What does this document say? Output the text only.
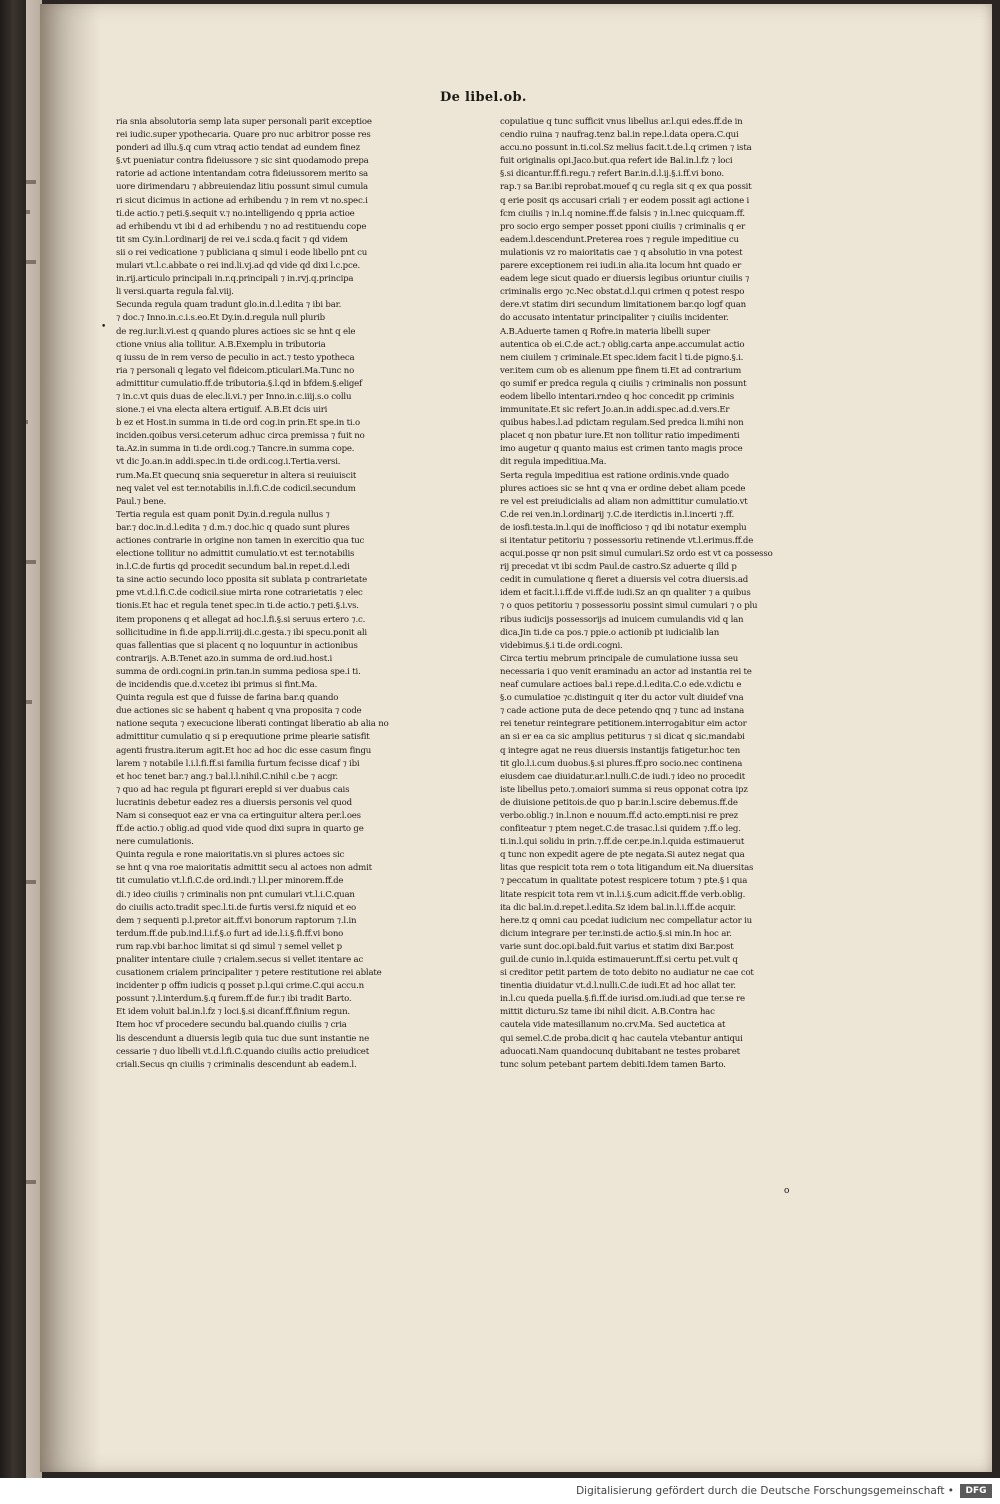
De libel.ob.
•
ria snia absolutoria semp lata super personali parit exceptioe
rei iudic.super ypothecaria. Quare pro nuc arbitror posse res
ponderi ad illu.§.q cum vtraq actio tendat ad eundem finez
§.vt pueniatur contra fideiussore ⁊ sic sint quodamodo prepa
ratorie ad actione intentandam cotra fideiussorem merito sa
uore dirimendaru ⁊ abbreuiendaz litiu possunt simul cumula
ri sicut dicimus in actione ad erhibendu ⁊ in rem vt no.spec.i
ti.de actio.⁊ peti.§.sequit v.⁊ no.intelligendo q ppria actioe
ad erhibendu vt ibi d ad erhibendu ⁊ no ad restituendu cope
tit sm Cy.in.l.ordinarij de rei ve.i scda.q facit ⁊ qd videm
sii o rei vedicatione ⁊ publiciana q simul i eode libello pnt cu
mulari vt.l.c.abbate o rei ind.li.vj.ad qd vide qd dixi l.c.pce.
in.rij.articulo principali in.r.q.principali ⁊ in.rvj.q.principa
li versi.quarta regula fal.viij.
Secunda regula quam tradunt glo.in.d.l.edita ⁊ ibi bar.
⁊ doc.⁊ Inno.in.c.i.s.eo.Et Dy.in.d.regula null plurib
de reg.iur.li.vi.est q quando plures actioes sic se hnt q ele
ctione vnius alia tollitur. A.B.Exemplu in tributoria
q iussu de in rem verso de peculio in act.⁊ testo ypotheca
ria ⁊ personali q legato vel fideicom.pticulari.Ma.Tunc no
admittitur cumulatio.ff.de tributoria.§.l.qd in bfdem.§.eligef
⁊ in.c.vt quis duas de elec.li.vi.⁊ per Inno.in.c.iiij.s.o collu
sione.⁊ ei vna electa altera ertiguif. A.B.Et dcis uiri
b ez et Host.in summa in ti.de ord cog.in prin.Et spe.in ti.o
inciden.qoibus versi.ceterum adhuc circa premissa ⁊ fuit no
ta.Az.in summa in ti.de ordi.cog.⁊ Tancre.in summa cope.
vt dic Jo.an.in addi.spec.in ti.de ordi.cog.i.Tertia.versi.
rum.Ma.Et quecunq snia sequeretur in altera si reuiuiscit
neq valet vel est ter.notabilis in.l.fi.C.de codicil.secundum
Paul.⁊ bene.
Tertia regula est quam ponit Dy.in.d.regula nullus ⁊
bar.⁊ doc.in.d.l.edita ⁊ d.m.⁊ doc.hic q quado sunt plures
actiones contrarie in origine non tamen in exercitio qua tuc
electione tollitur no admittit cumulatio.vt est ter.notabilis
in.l.C.de furtis qd procedit secundum bal.in repet.d.l.edi
ta sine actio secundo loco pposita sit sublata p contrarietate
pme vt.d.l.fi.C.de codicil.siue mirta rone cotrarietatis ⁊ elec
tionis.Et hac et regula tenet spec.in ti.de actio.⁊ peti.§.i.vs.
item proponens q et allegat ad hoc.l.fi.§.si seruus ertero ⁊.c.
sollicitudine in fi.de app.li.rriij.di.c.gesta.⁊ ibi specu.ponit ali
quas fallentias que si placent q no loquuntur in actionibus
contrarijs. A.B.Tenet azo.in summa de ord.iud.host.i
summa de ordi.cogni.in prin.tan.in summa pediosa spe.i ti.
de incidendis que.d.v.cetez ibi primus si fint.Ma.
Quinta regula est que d fuisse de farina bar.q quando
due actiones sic se habent q habent q vna proposita ⁊ code
natione sequta ⁊ execucione liberati contingat liberatio ab alia no
admittitur cumulatio q si p erequutione prime plearie satisfit
agenti frustra.iterum agit.Et hoc ad hoc dic esse casum fingu
larem ⁊ notabile l.i.l.fi.ff.si familia furtum fecisse dicaf ⁊ ibi
et hoc tenet bar.⁊ ang.⁊ bal.l.l.nihil.C.nihil c.be ⁊ acgr.
⁊ quo ad hac regula pt figurari erepld si ver duabus cais
lucratinis debetur eadez res a diuersis personis vel quod
Nam si consequot eaz er vna ca ertinguitur altera per.l.oes
ff.de actio.⁊ oblig.ad quod vide quod dixi supra in quarto ge
nere cumulationis.
Quinta regula e rone maioritatis.vn si plures actoes sic
se hnt q vna roe maioritatis admittit secu al actoes non admit
tit cumulatio vt.l.fi.C.de ord.indi.⁊ l.l.per minorem.ff.de
di.⁊ ideo ciuilis ⁊ criminalis non pnt cumulari vt.l.i.C.quan
do ciuilis acto.tradit spec.l.ti.de furtis versi.fz niquid et eo
dem ⁊ sequenti p.l.pretor ait.ff.vi bonorum raptorum ⁊.l.in
terdum.ff.de pub.ind.l.i.f.§.o furt ad ide.l.i.§.fi.ff.vi bono
rum rap.vbi bar.hoc limitat si qd simul ⁊ semel vellet p
pnaliter intentare ciuile ⁊ crialem.secus si vellet itentare ac
cusationem crialem principaliter ⁊ petere restitutione rei ablate
incidenter p offm iudicis q posset p.l.qui crime.C.qui accu.n
possunt ⁊.l.interdum.§.q furem.ff.de fur.⁊ ibi tradit Barto.
Et idem voluit bal.in.l.fz ⁊ loci.§.si dicanf.ff.finium regun.
Item hoc vf procedere secundu bal.quando ciuilis ⁊ cria
lis descendunt a diuersis legib quia tuc due sunt instantie ne
cessarie ⁊ duo libelli vt.d.l.fi.C.quando ciuilis actio preiudicet
criali.Secus qn ciuilis ⁊ criminalis descendunt ab eadem.l.
copulatiue q tunc sufficit vnus libellus ar.l.qui edes.ff.de in
cendio ruina ⁊ naufrag.tenz bal.in repe.l.data opera.C.qui
accu.no possunt in.ti.col.Sz melius facit.t.de.l.q crimen ⁊ ista
fuit originalis opi.Jaco.but.qua refert ide Bal.in.l.fz ⁊ loci
§.si dicantur.ff.fi.regu.⁊ refert Bar.in.d.l.ij.§.i.ff.vi bono.
rap.⁊ sa Bar.ibi reprobat.mouef q cu regla sit q ex qua possit
q erie posit qs accusari criali ⁊ er eodem possit agi actione i
fcm ciuilis ⁊ in.l.q nomine.ff.de falsis ⁊ in.l.nec quicquam.ff.
pro socio ergo semper posset pponi ciuilis ⁊ criminalis q er
eadem.l.descendunt.Preterea roes ⁊ regule impeditiue cu
mulationis vz ro maioritatis cae ⁊ q absolutio in vna potest
parere exceptionem rei iudi.in alia.ita locum hnt quado er
eadem lege sicut quado er diuersis legibus oriuntur ciuilis ⁊
criminalis ergo ⁊c.Nec obstat.d.l.qui crimen q potest respo
dere.vt statim diri secundum limitationem bar.qo logf quan
do accusato intentatur principaliter ⁊ ciuilis incidenter.
A.B.Aduerte tamen q Rofre.in materia libelli super
autentica ob ei.C.de act.⁊ oblig.carta anpe.accumulat actio
nem ciuilem ⁊ criminale.Et spec.idem facit l ti.de pigno.§.i.
ver.item cum ob es alienum ppe finem ti.Et ad contrarium
qo sumif er predca regula q ciuilis ⁊ criminalis non possunt
eodem libello intentari.rndeo q hoc concedit pp criminis
immunitate.Et sic refert Jo.an.in addi.spec.ad.d.vers.Er
quibus habes.l.ad pdictam regulam.Sed predca li.mihi non
placet q non pbatur iure.Et non tollitur ratio impedimenti
imo augetur q quanto maius est crimen tanto magis proce
dit regula impeditiua.Ma.
Serta regula impeditiua est ratione ordinis.vnde quado
plures actioes sic se hnt q vna er ordine debet aliam pcede
re vel est preiudicialis ad aliam non admittitur cumulatio.vt
C.de rei ven.in.l.ordinarij ⁊.C.de iterdictis in.l.incerti ⁊.ff.
de iosfi.testa.in.l.qui de inofficioso ⁊ qd ibi notatur exemplu
si itentatur petitoriu ⁊ possessoriu retinende vt.l.erimus.ff.de
acqui.posse qr non psit simul cumulari.Sz ordo est vt ca possesso
rij precedat vt ibi scdm Paul.de castro.Sz aduerte q illd p
cedit in cumulatione q fieret a diuersis vel cotra diuersis.ad
idem et facit.l.i.ff.de vi.ff.de iudi.Sz an qn qualiter ⁊ a quibus
⁊ o quos petitoriu ⁊ possessoriu possint simul cumulari ⁊ o plu
ribus iudicijs possessorijs ad inuicem cumulandis vid q lan
dica.Jin ti.de ca pos.⁊ ppie.o actionib pt iudicialib lan
videbimus.§.i ti.de ordi.cogni.
Circa tertiu mebrum principale de cumulatione iussa seu
necessaria i quo venit eraminadu an actor ad instantia rei te
neaf cumulare actioes bal.i repe.d.l.edita.C.o ede.v.dictu e
§.o cumulatioe ⁊c.distinguit q iter du actor vult diuidef vna
⁊ cade actione puta de dece petendo qnq ⁊ tunc ad instana
rei tenetur reintegrare petitionem.interrogabitur eim actor
an si er ea ca sic amplius petiturus ⁊ si dicat q sic.mandabi
q integre agat ne reus diuersis instantijs fatigetur.hoc ten
tit glo.l.i.cum duobus.§.si plures.ff.pro socio.nec continena
eiusdem cae diuidatur.ar.l.nulli.C.de iudi.⁊ ideo no procedit
iste libellus peto.⁊.omaiori summa si reus opponat cotra ipz
de diuisione petitois.de quo p bar.in.l.scire debemus.ff.de
verbo.oblig.⁊ in.l.non e nouum.ff.d acto.empti.nisi re prez
confiteatur ⁊ ptem neget.C.de trasac.l.si quidem ⁊.ff.o leg.
ti.in.l.qui solidu in prin.⁊.ff.de cer.pe.in.l.quida estimauerut
q tunc non expedit agere de pte negata.Si autez negat qua
litas que respicit tota rem o tota litigandum eit.Na diuersitas
⁊ peccatum in qualitate potest respicere totum ⁊ pte.§ i qua
litate respicit tota rem vt in.l.i.§.cum adicit.ff.de verb.oblig.
ita dic bal.in.d.repet.l.edita.Sz idem bal.in.l.i.ff.de acquir.
here.tz q omni cau pcedat iudicium nec compellatur actor iu
dicium integrare per ter.insti.de actio.§.si min.In hoc ar.
varie sunt doc.opi.bald.fuit varius et statim dixi Bar.post
guil.de cunio in.l.quida estimauerunt.ff.si certu pet.vult q
si creditor petit partem de toto debito no audiatur ne cae cot
tinentia diuidatur vt.d.l.nulli.C.de iudi.Et ad hoc allat ter.
in.l.cu queda puella.§.fi.ff.de iurisd.om.iudi.ad que ter.se re
mittit dicturu.Sz tame ibi nihil dicit. A.B.Contra hac
cautela vide matesillanum no.crv.Ma. Sed auctetica at
qui semel.C.de proba.dicit q hac cautela vtebantur antiqui
aduocati.Nam quandocunq dubitabant ne testes probaret
tunc solum petebant partem debiti.Idem tamen Barto.
o
Digitalisierung gefördert durch die Deutsche Forschungsgemeinschaft •	DFG
